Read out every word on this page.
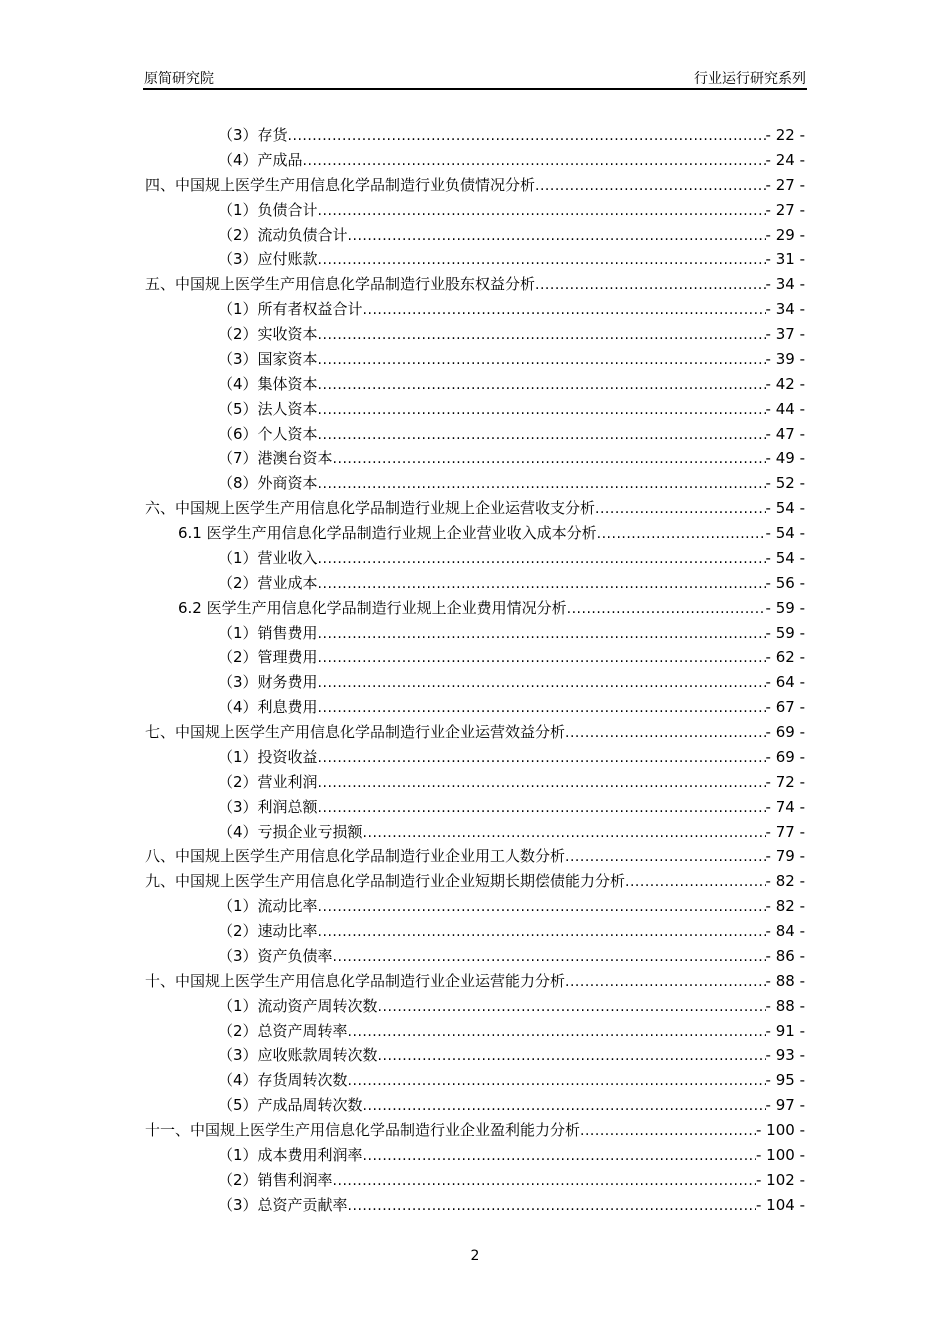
原简研究院	行业运行研究系列
（3）存货 .....	- 22 -
（4）产成品 .....	- 24 -
四、中国规上医学生产用信息化学品制造行业负债情况分析 .....	- 27 -
（1）负债合计 .....	- 27 -
（2）流动负债合计 .....	- 29 -
（3）应付账款 .....	- 31 -
五、中国规上医学生产用信息化学品制造行业股东权益分析 .....	- 34 -
（1）所有者权益合计 .....	- 34 -
（2）实收资本 .....	- 37 -
（3）国家资本 .....	- 39 -
（4）集体资本 .....	- 42 -
（5）法人资本 .....	- 44 -
（6）个人资本 .....	- 47 -
（7）港澳台资本 .....	- 49 -
（8）外商资本 .....	- 52 -
六、中国规上医学生产用信息化学品制造行业规上企业运营收支分析 .....	- 54 -
6.1 医学生产用信息化学品制造行业规上企业营业收入成本分析 .....	- 54 -
（1）营业收入 .....	- 54 -
（2）营业成本 .....	- 56 -
6.2 医学生产用信息化学品制造行业规上企业费用情况分析 .....	- 59 -
（1）销售费用 .....	- 59 -
（2）管理费用 .....	- 62 -
（3）财务费用 .....	- 64 -
（4）利息费用 .....	- 67 -
七、中国规上医学生产用信息化学品制造行业企业运营效益分析 .....	- 69 -
（1）投资收益 .....	- 69 -
（2）营业利润 .....	- 72 -
（3）利润总额 .....	- 74 -
（4）亏损企业亏损额 .....	- 77 -
八、中国规上医学生产用信息化学品制造行业企业用工人数分析 .....	- 79 -
九、中国规上医学生产用信息化学品制造行业企业短期长期偿债能力分析 .....	- 82 -
（1）流动比率 .....	- 82 -
（2）速动比率 .....	- 84 -
（3）资产负债率 .....	- 86 -
十、中国规上医学生产用信息化学品制造行业企业运营能力分析 .....	- 88 -
（1）流动资产周转次数 .....	- 88 -
（2）总资产周转率 .....	- 91 -
（3）应收账款周转次数 .....	- 93 -
（4）存货周转次数 .....	- 95 -
（5）产成品周转次数 .....	- 97 -
十一、中国规上医学生产用信息化学品制造行业企业盈利能力分析 .....	- 100 -
（1）成本费用利润率 .....	- 100 -
（2）销售利润率 .....	- 102 -
（3）总资产贡献率 .....	- 104 -
2
